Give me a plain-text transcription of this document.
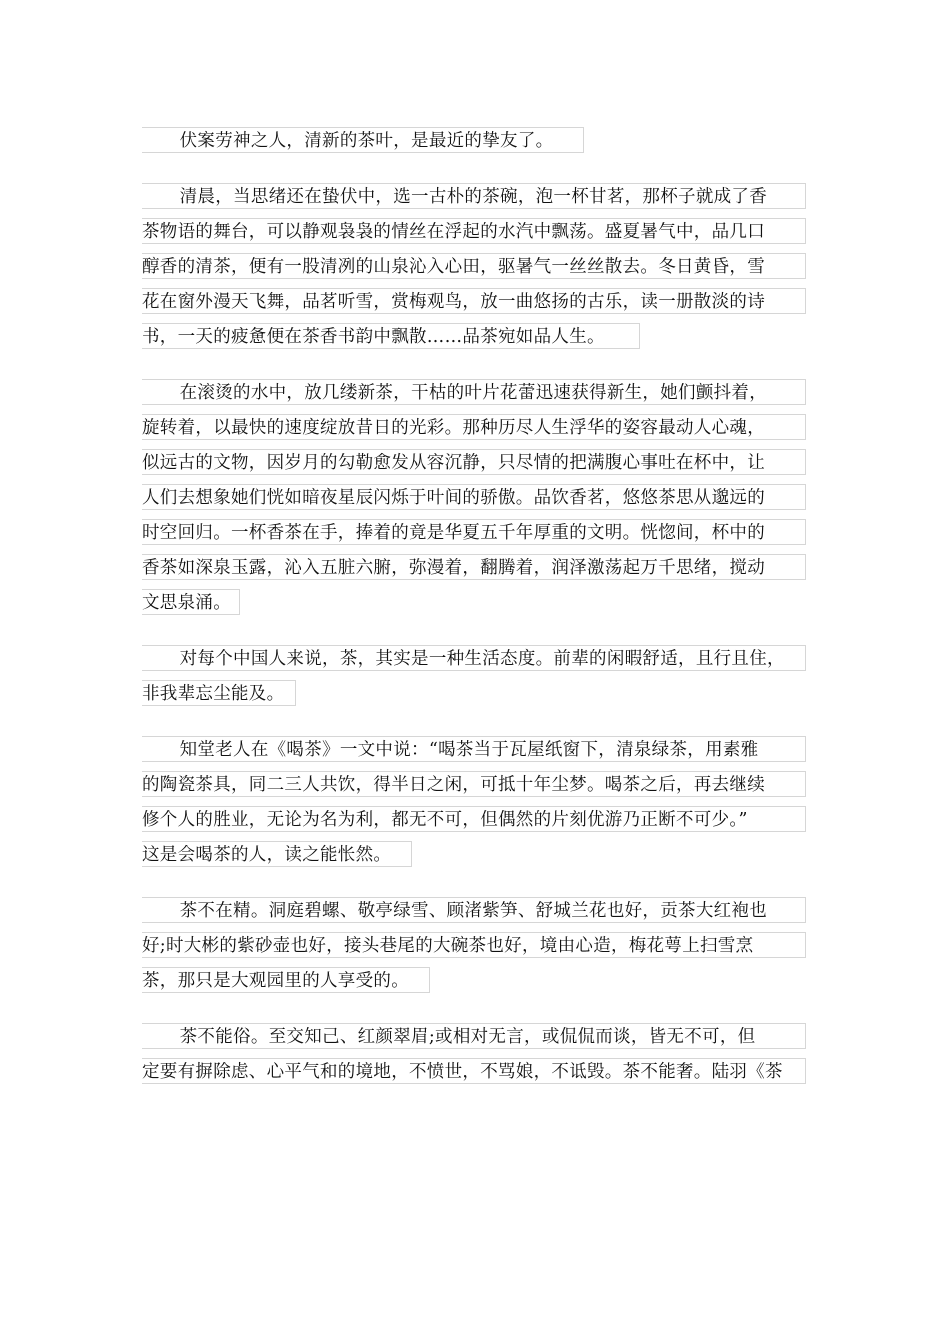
伏案劳神之人，清新的茶叶，是最近的挚友了。
清晨，当思绪还在蛰伏中，选一古朴的茶碗，泡一杯甘茗，那杯子就成了香
茶物语的舞台，可以静观袅袅的情丝在浮起的水汽中飘荡。盛夏暑气中，品几口
醇香的清茶，便有一股清冽的山泉沁入心田，驱暑气一丝丝散去。冬日黄昏，雪
花在窗外漫天飞舞，品茗听雪，赏梅观鸟，放一曲悠扬的古乐，读一册散淡的诗
书，一天的疲惫便在茶香书韵中飘散……品茶宛如品人生。
在滚烫的水中，放几缕新茶，干枯的叶片花蕾迅速获得新生，她们颤抖着，
旋转着，以最快的速度绽放昔日的光彩。那种历尽人生浮华的姿容最动人心魂，
似远古的文物，因岁月的勾勒愈发从容沉静，只尽情的把满腹心事吐在杯中，让
人们去想象她们恍如暗夜星辰闪烁于叶间的骄傲。品饮香茗，悠悠茶思从邈远的
时空回归。一杯香茶在手，捧着的竟是华夏五千年厚重的文明。恍惚间，杯中的
香茶如深泉玉露，沁入五脏六腑，弥漫着，翻腾着，润泽激荡起万千思绪，搅动
文思泉涌。
对每个中国人来说，茶，其实是一种生活态度。前辈的闲暇舒适，且行且住，
非我辈忘尘能及。
知堂老人在《喝茶》一文中说：“喝茶当于瓦屋纸窗下，清泉绿茶，用素雅
的陶瓷茶具，同二三人共饮，得半日之闲，可抵十年尘梦。喝茶之后，再去继续
修个人的胜业，无论为名为利，都无不可，但偶然的片刻优游乃正断不可少。”
这是会喝茶的人，读之能怅然。
茶不在精。洞庭碧螺、敬亭绿雪、顾渚紫笋、舒城兰花也好，贡茶大红袍也
好;时大彬的紫砂壶也好，接头巷尾的大碗茶也好，境由心造，梅花萼上扫雪烹
茶，那只是大观园里的人享受的。
茶不能俗。至交知己、红颜翠眉;或相对无言，或侃侃而谈，皆无不可，但
定要有摒除虑、心平气和的境地，不愤世，不骂娘，不诋毁。茶不能奢。陆羽《茶
